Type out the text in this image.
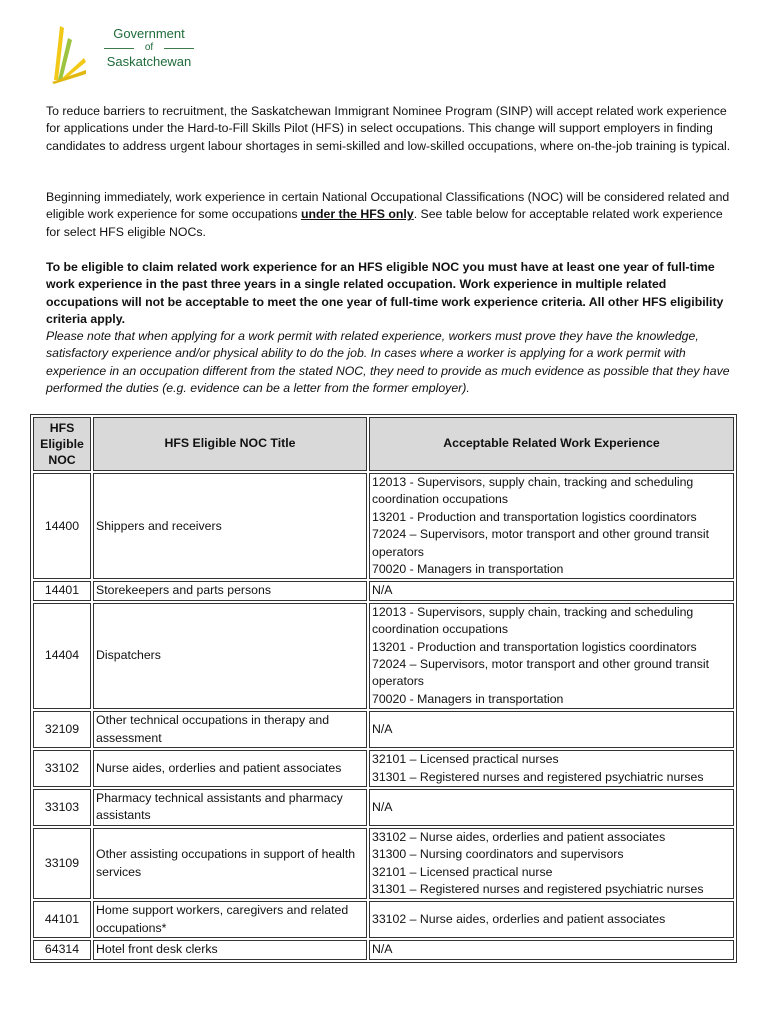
Government

of
Saskatchewan

To reduce barriers to recruitment, the Saskatchewan Immigrant Nominee Program (SINP) will accept related work experience for applications under the Hard-to-Fill Skills Pilot (HFS) in select occupations. This change will support employers in finding candidates to address urgent labour shortages in semi-skilled and low-skilled occupations, where on-the-job training is typical.

Beginning immediately, work experience in certain National Occupational Classifications (NOC) will be considered related and eligible work experience for some occupations under the HFS only. See table below for acceptable related work experience for select HFS eligible NOCs.

To be eligible to claim related work experience for an HFS eligible NOC you must have at least one year of full-time work experience in the past three years in a single related occupation. Work experience in multiple related occupations will not be acceptable to meet the one year of full-time work experience criteria. All other HFS eligibility criteria apply.

Please note that when applying for a work permit with related experience, workers must prove they have the knowledge, satisfactory experience and/or physical ability to do the job. In cases where a worker is applying for a work permit with experience in an occupation different from the stated NOC, they need to provide as much evidence as possible that they have performed the duties (e.g. evidence can be a letter from the former employer).

HFS Eligible NOC	HFS Eligible NOC Title	Acceptable Related Work Experience
14400	Shippers and receivers	12013 - Supervisors, supply chain, tracking and scheduling coordination occupations
13201 - Production and transportation logistics coordinators
72024 – Supervisors, motor transport and other ground transit operators
70020 - Managers in transportation

14401	Storekeepers and parts persons	N/A

14404	Dispatchers	12013 - Supervisors, supply chain, tracking and scheduling coordination occupations
13201 - Production and transportation logistics coordinators
72024 – Supervisors, motor transport and other ground transit operators
70020 - Managers in transportation

32109	Other technical occupations in therapy and assessment	N/A

33102	Nurse aides, orderlies and patient associates	32101 – Licensed practical nurses
31301 – Registered nurses and registered psychiatric nurses

33103	Pharmacy technical assistants and pharmacy assistants	N/A

33109	Other assisting occupations in support of health services	33102 – Nurse aides, orderlies and patient associates
31300 – Nursing coordinators and supervisors
32101 – Licensed practical nurse
31301 – Registered nurses and registered psychiatric nurses

44101	Home support workers, caregivers and related occupations*	33102 – Nurse aides, orderlies and patient associates

64314	Hotel front desk clerks	N/A
